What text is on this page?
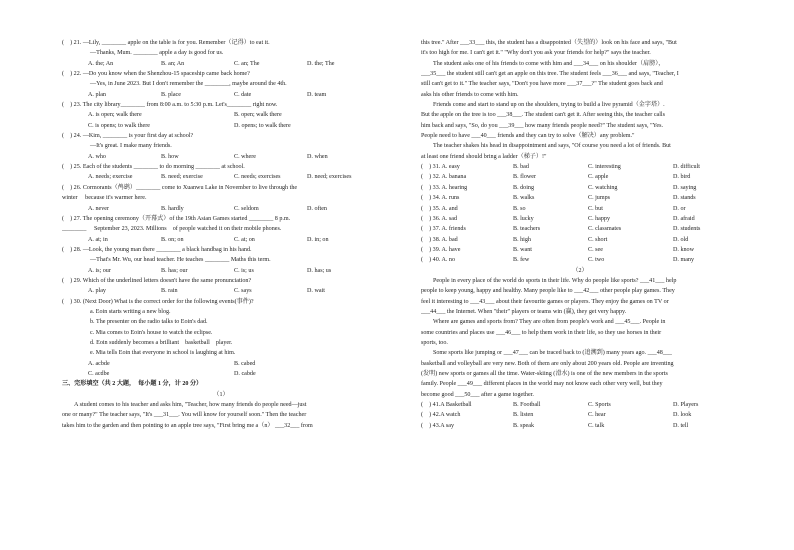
(　) 21. —Lily, ________ apple on the table is for you. Remember（记得）to eat it.
—Thanks, Mum. ________ apple a day is good for us.
A. the; An	B. an; An	C. an; The	D. the; The
(　) 22. —Do you know when the Shenzhou-15 spaceship came back home?
—Yes, in June 2023. But I don't remember the ________, maybe around the 4th.
A. plan	B. place	C. date	D. team
(　) 23. The city library________ from 8:00 a.m. to 5:30 p.m. Let's________ right now.
A. is open; walk there	B. open; walk there
C. is opens; to walk there	D. opens; to walk there
(　) 24. —Kim, ________ is your first day at school?
—It's great. I make many friends.
A. who	B. how	C. where	D. when
(　) 25. Each of the students ________ to do morning ________ at school.
A. needs; exercise	B. need; exercise	C. needs; exercises	D. need; exercises
(　) 26. Cormorants（鸬鹚）________ come to Xuanwu Lake in November to live through the
winter　 because it's warmer here.
A. never	B. hardly	C. seldom	D. often
(　) 27. The opening ceremony（开幕式）of the 19th Asian Games started ________ 8 p.m.
________　 September 23, 2023. Millions　of people watched it on their mobile phones.
A. at; in	B. on; on	C. at; on	D. in; on
(　) 28. —Look, the young man there ________ a black handbag in his hand.
—That's Mr. Wu, our head teacher. He teaches ________ Maths this term.
A. is; our	B. has; our	C. is; us	D. has; us
(　) 29. Which of the underlined letters doesn't have the same pronunciation?
A. play	B. rain	C. says	D. wait
(　) 30. (Next Door) What is the correct order for the following events(事件)?
a. Eoin starts writing a new blog.
b. The presenter on the radio talks to Eoin's dad.
c. Mia comes to Eoin's house to watch the eclipse.
d. Eoin suddenly becomes a brilliant　basketball　player.
e. Mia tells Eoin that everyone in school is laughing at him.
A. acbde	B. cabed
C. acdbe	D. cabde
三、完形填空（共 2 大题，　每小题 1 分，计 20 分）
（1）
A student comes to his teacher and asks him, "Teacher, how many friends do people need—just
one or many?" The teacher says, "It's ___31___. You will know for yourself soon." Then the teacher
takes him to the garden and then pointing to an apple tree says, "First bring me a（n） ___32___ from
this tree." After ___33___ this, the student has a disappointed（失望的）look on his face and says, "But
it's too high for me. I can't get it." "Why don't you ask your friends for help?" says the teacher.
The student asks one of his friends to come with him and ___34___ on his shoulder（肩膀），
___35___ the student still can't get an apple on this tree. The student feels ___36___ and says, "Teacher, I
still can't get to it." The teacher says, "Don't you have more ___37___?" The student goes back and
asks his other friends to come with him.
Friends come and start to stand up on the shoulders, trying to build a live pyramid（金字塔）.
But the apple on the tree is too ___38___. The student can't get it. After seeing this, the teacher calls
him back and says, "So, do you ___39___ how many friends people need?" The student says, "Yes.
People need to have ___40___ friends and they can try to solve（解决）any problem."
The teacher shakes his head in disappointment and says, "Of course you need a lot of friends. But
at least one friend should bring a ladder（梯子）!"
(　) 31. A. easy	B. bad	C. interesting	D. difficult
(　) 32. A. banana	B. flower	C. apple	D. bird
(　) 33. A. hearing	B. doing	C. watching	D. saying
(　) 34. A. runs	B. walks	C. jumps	D. stands
(　) 35. A. and	B. so	C. but	D. or
(　) 36. A. sad	B. lucky	C. happy	D. afraid
(　) 37. A. friends	B. teachers	C. classmates	D. students
(　) 38. A. bad	B. high	C. short	D. old
(　) 39. A. have	B. want	C. see	D. know
(　) 40. A. no	B. few	C. two	D. many
（2）
People in every place of the world do sports in their life. Why do people like sports? ___41___ help
people to keep young, happy and healthy. Many people like to ___42___ other people play games. They
feel it interesting to ___43___ about their favourite games or players. They enjoy the games on TV or
___44___ the Internet. When "their" players or teams win (赢), they get very happy.
Where are games and sports from? They are often from people's work and ___45___. People in
some countries and places use ___46___ to help them work in their life, so they use horses in their
sports, too.
Some sports like jumping or ___47___ can be traced back to (追溯到) many years ago. ___48___
basketball and volleyball are very new. Both of them are only about 200 years old. People are inventing
(发明) new sports or games all the time. Water-skiing (滑水) is one of the new members in the sports
family. People ___49___ different places in the world may not know each other very well, but they
become good ___50___ after a game together.
(　) 41.A Basketball	B. Football	C. Sports	D. Players
(　) 42.A watch	B. listen	C. hear	D. look
(　) 43.A say	B. speak	C. talk	D. tell
